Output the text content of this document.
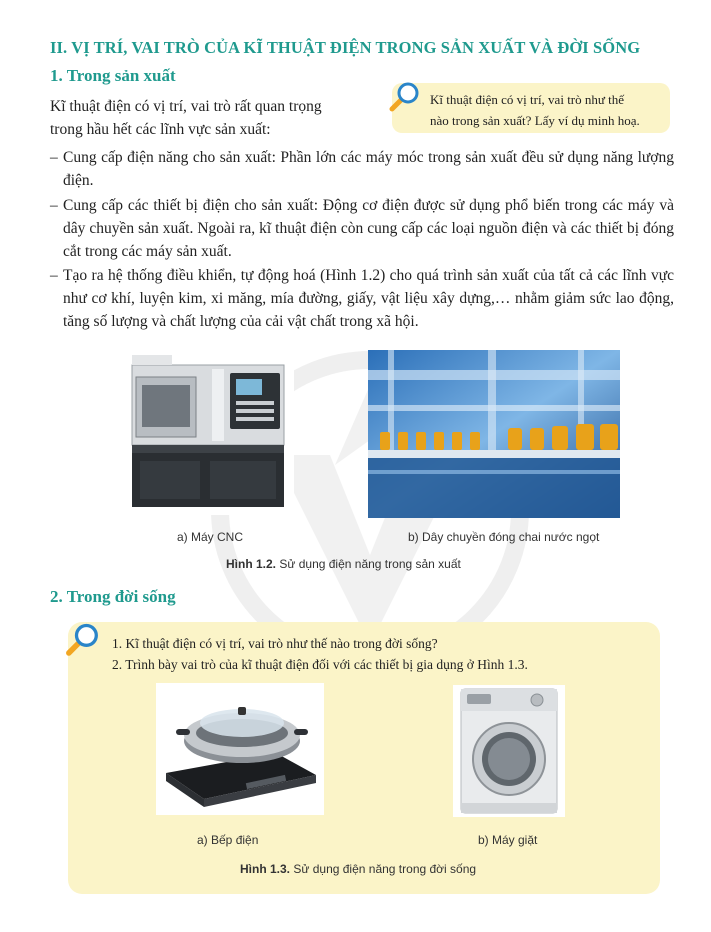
II. VỊ TRÍ, VAI TRÒ CỦA KĨ THUẬT ĐIỆN TRONG SẢN XUẤT VÀ ĐỜI SỐNG
1. Trong sản xuất
Kĩ thuật điện có vị trí, vai trò rất quan trọng
trong hầu hết các lĩnh vực sản xuất:
Kĩ thuật điện có vị trí, vai trò như thế
nào trong sản xuất? Lấy ví dụ minh hoạ.
– Cung cấp điện năng cho sản xuất: Phần lớn các máy móc trong sản xuất đều sử dụng năng lượng điện.
– Cung cấp các thiết bị điện cho sản xuất: Động cơ điện được sử dụng phổ biến trong các máy và dây chuyền sản xuất. Ngoài ra, kĩ thuật điện còn cung cấp các loại nguồn điện và các thiết bị đóng cắt trong các máy sản xuất.
– Tạo ra hệ thống điều khiển, tự động hoá (Hình 1.2) cho quá trình sản xuất của tất cả các lĩnh vực như cơ khí, luyện kim, xi măng, mía đường, giấy, vật liệu xây dựng,… nhằm giảm sức lao động, tăng số lượng và chất lượng của cải vật chất trong xã hội.
a) Máy CNC	b) Dây chuyền đóng chai nước ngọt
Hình 1.2. Sử dụng điện năng trong sản xuất
2. Trong đời sống
1. Kĩ thuật điện có vị trí, vai trò như thế nào trong đời sống?
2. Trình bày vai trò của kĩ thuật điện đối với các thiết bị gia dụng ở Hình 1.3.
a) Bếp điện	b) Máy giặt
Hình 1.3. Sử dụng điện năng trong đời sống
